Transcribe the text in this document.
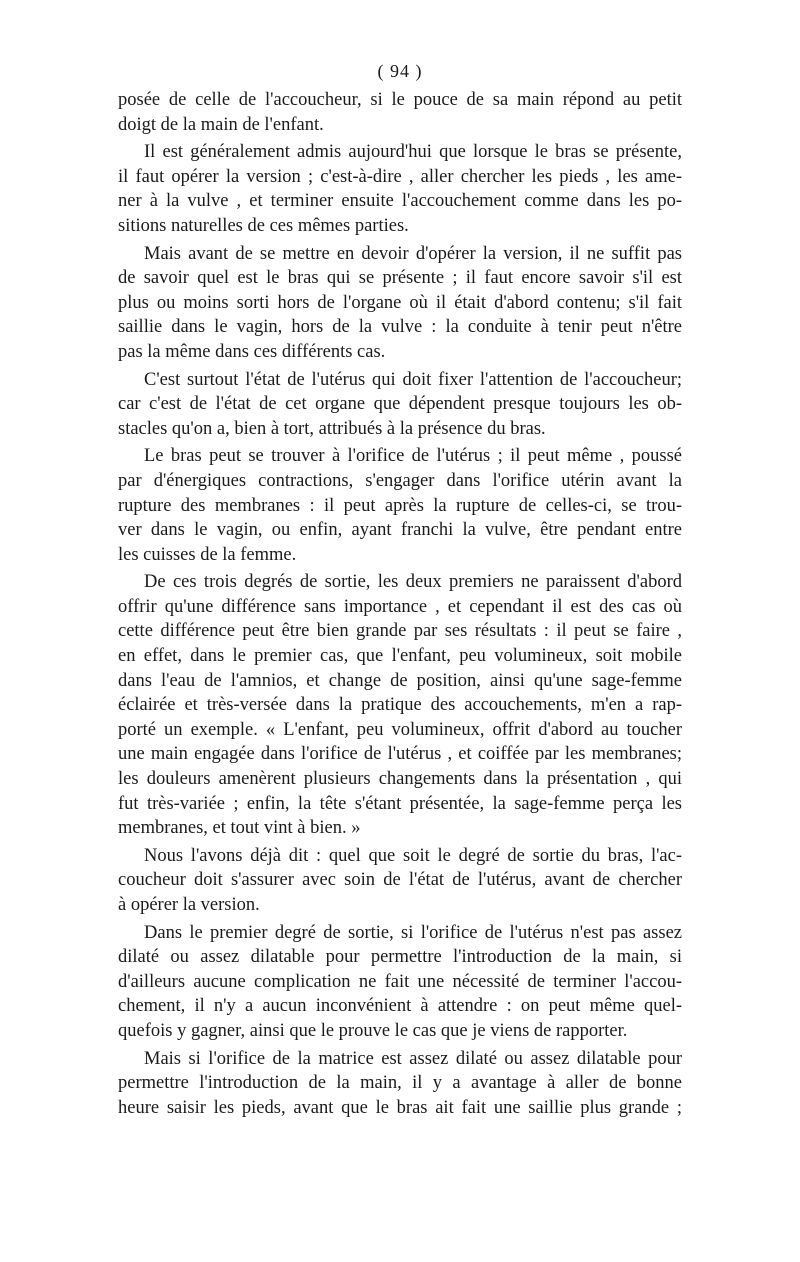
( 94 )
posée de celle de l'accoucheur, si le pouce de sa main répond au petit
doigt de la main de l'enfant.
Il est généralement admis aujourd'hui que lorsque le bras se présente,
il faut opérer la version ; c'est-à-dire , aller chercher les pieds , les ame-
ner à la vulve , et terminer ensuite l'accouchement comme dans les po-
sitions naturelles de ces mêmes parties.
Mais avant de se mettre en devoir d'opérer la version, il ne suffit pas
de savoir quel est le bras qui se présente ; il faut encore savoir s'il est
plus ou moins sorti hors de l'organe où il était d'abord contenu; s'il fait
saillie dans le vagin, hors de la vulve : la conduite à tenir peut n'être
pas la même dans ces différents cas.
C'est surtout l'état de l'utérus qui doit fixer l'attention de l'accoucheur;
car c'est de l'état de cet organe que dépendent presque toujours les ob-
stacles qu'on a, bien à tort, attribués à la présence du bras.
Le bras peut se trouver à l'orifice de l'utérus ; il peut même , poussé
par d'énergiques contractions, s'engager dans l'orifice utérin avant la
rupture des membranes : il peut après la rupture de celles-ci, se trou-
ver dans le vagin, ou enfin, ayant franchi la vulve, être pendant entre
les cuisses de la femme.
De ces trois degrés de sortie, les deux premiers ne paraissent d'abord
offrir qu'une différence sans importance , et cependant il est des cas où
cette différence peut être bien grande par ses résultats : il peut se faire ,
en effet, dans le premier cas, que l'enfant, peu volumineux, soit mobile
dans l'eau de l'amnios, et change de position, ainsi qu'une sage-femme
éclairée et très-versée dans la pratique des accouchements, m'en a rap-
porté un exemple. « L'enfant, peu volumineux, offrit d'abord au toucher
une main engagée dans l'orifice de l'utérus , et coiffée par les membranes;
les douleurs amenèrent plusieurs changements dans la présentation , qui
fut très-variée ; enfin, la tête s'étant présentée, la sage-femme perça les
membranes, et tout vint à bien. »
Nous l'avons déjà dit : quel que soit le degré de sortie du bras, l'ac-
coucheur doit s'assurer avec soin de l'état de l'utérus, avant de chercher
à opérer la version.
Dans le premier degré de sortie, si l'orifice de l'utérus n'est pas assez
dilaté ou assez dilatable pour permettre l'introduction de la main, si
d'ailleurs aucune complication ne fait une nécessité de terminer l'accou-
chement, il n'y a aucun inconvénient à attendre : on peut même quel-
quefois y gagner, ainsi que le prouve le cas que je viens de rapporter.
Mais si l'orifice de la matrice est assez dilaté ou assez dilatable pour
permettre l'introduction de la main, il y a avantage à aller de bonne
heure saisir les pieds, avant que le bras ait fait une saillie plus grande ;
